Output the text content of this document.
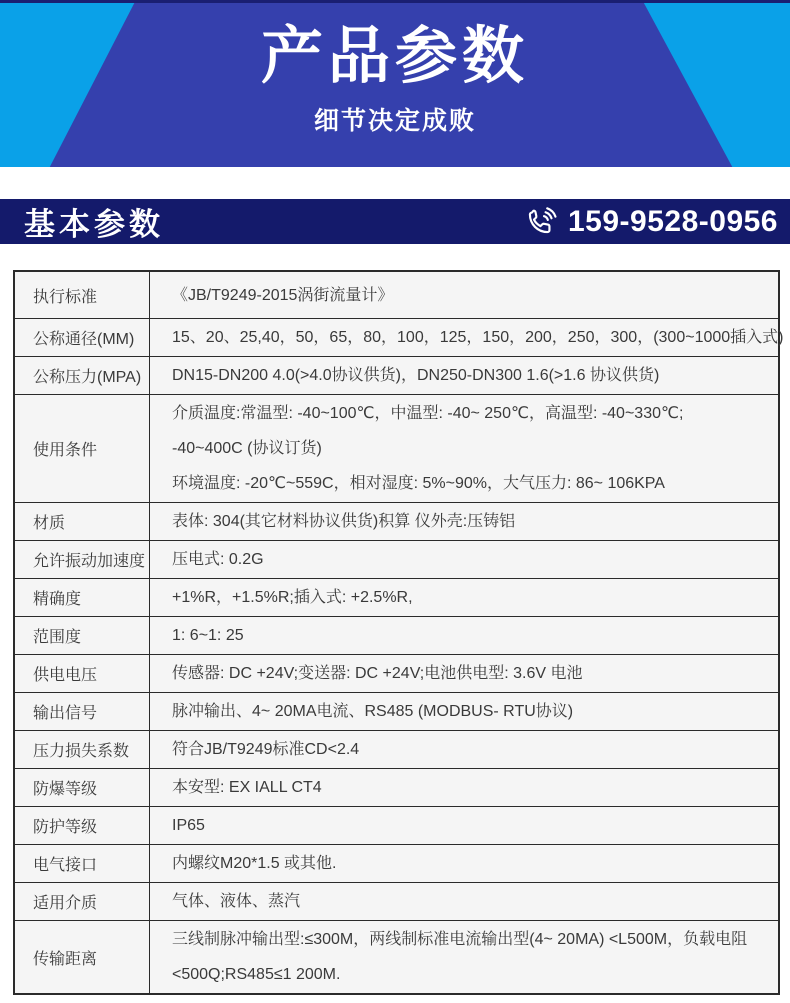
产品参数
细节决定成败
基本参数	159-9528-0956
执行标准	《JB/T9249-2015涡街流量计》
公称通径(MM)	15、20、25,40，50，65，80，100，125，150，200，250，300，(300~1000插入式)
公称压力(MPA)	DN15-DN200 4.0(>4.0协议供货)，DN250-DN300 1.6(>1.6 协议供货)
使用条件
介质温度:常温型: -40~100℃，中温型: -40~ 250℃，高温型: -40~330℃;
-40~400C (协议订货)
环境温度: -20℃~559C，相对湿度: 5%~90%，大气压力: 86~ 106KPA
材质	表体: 304(其它材料协议供货)积算 仪外壳:压铸铝
允许振动加速度	压电式: 0.2G
精确度	+1%R，+1.5%R;插入式: +2.5%R,
范围度	1: 6~1: 25
供电电压	传感器: DC +24V;变送器: DC +24V;电池供电型: 3.6V 电池
输出信号	脉冲输出、4~ 20MA电流、RS485 (MODBUS- RTU协议)
压力损失系数	符合JB/T9249标准CD<2.4
防爆等级	本安型: EX IALL CT4
防护等级	IP65
电气接口	内螺纹M20*1.5 或其他.
适用介质	气体、液体、蒸汽
传输距离
三线制脉冲输出型:≤300M，两线制标准电流输出型(4~ 20MA) <L500M，负载电阻
<500Q;RS485≤1 200M.
